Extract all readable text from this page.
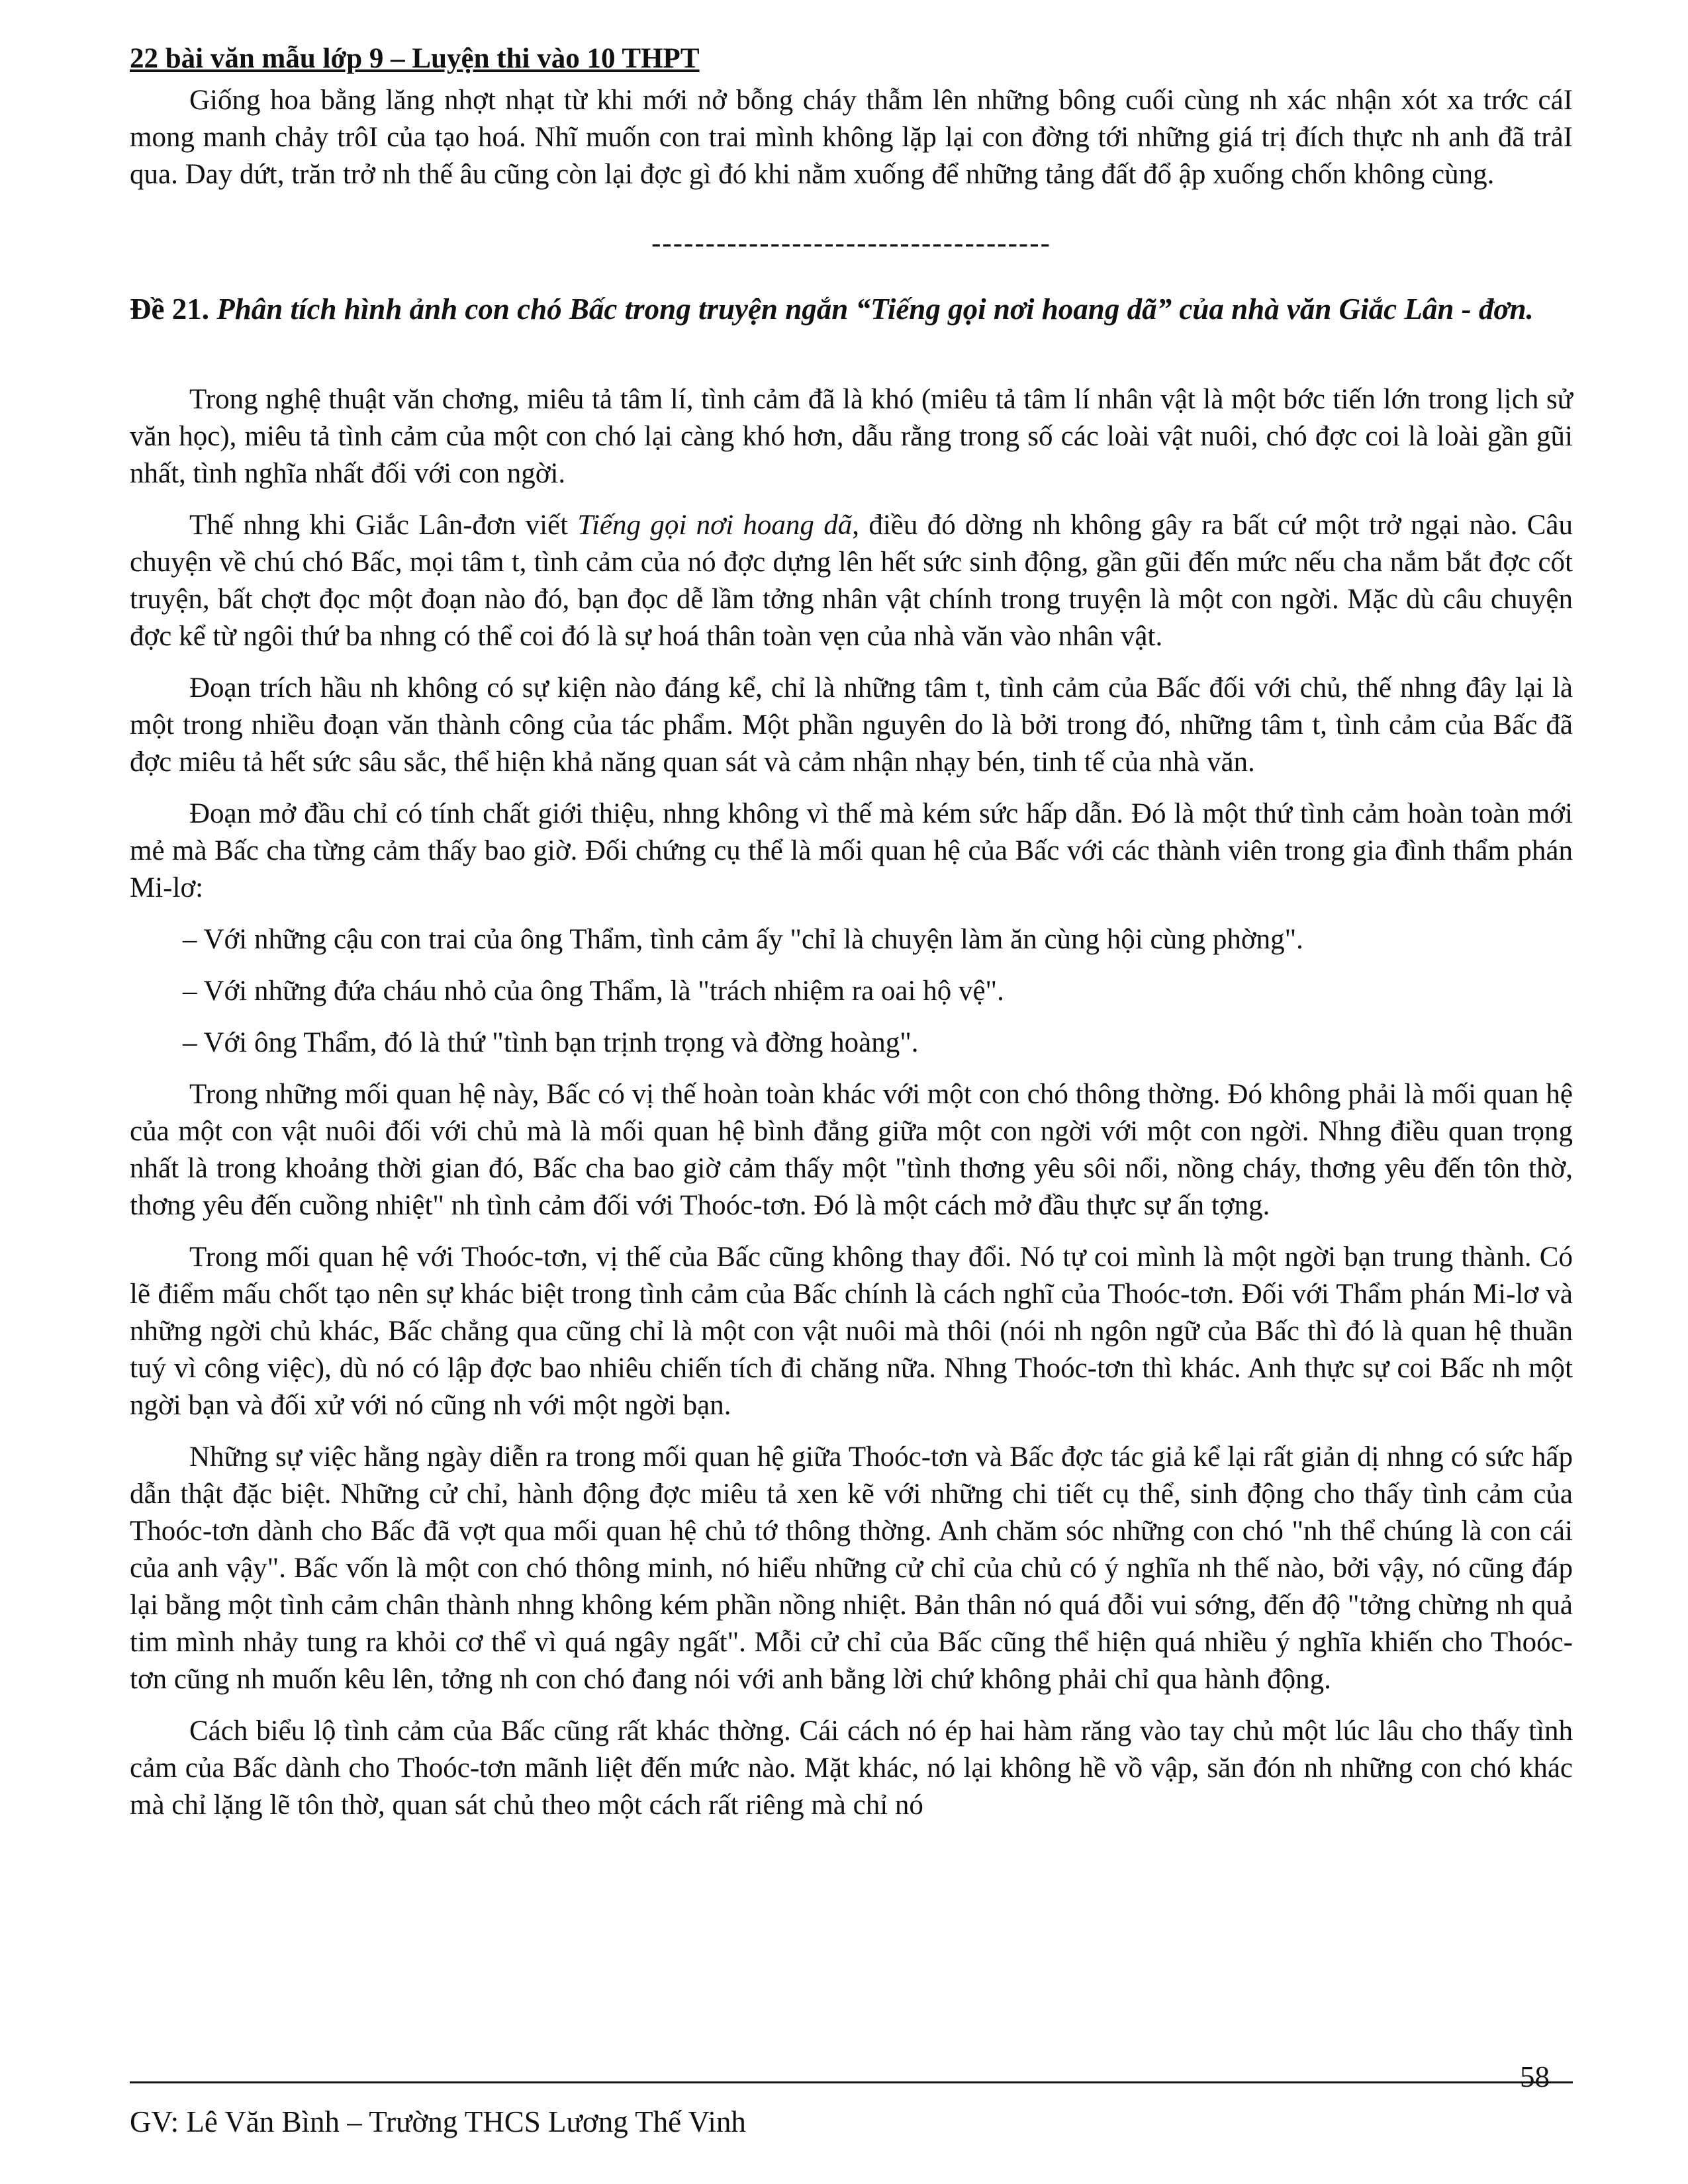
22 bài văn mẫu lớp 9 – Luyện thi vào 10 THPT

Giống hoa bằng lăng nhợt nhạt từ khi mới nở bỗng cháy thẫm lên những bông cuối cùng nh xác nhận xót xa trớc cáI mong manh chảy trôI của tạo hoá. Nhĩ muốn con trai mình không lặp lại con đờng tới những giá trị đích thực nh anh đã trảI qua. Day dứt, trăn trở nh thế âu cũng còn lại đợc gì đó khi nằm xuống để những tảng đất đổ ập xuống chốn không cùng.

-------------------------------------
Đề 21. Phân tích hình ảnh con chó Bấc trong truyện ngắn “Tiếng gọi nơi hoang dã” của nhà văn Giắc Lân - đơn.

Trong nghệ thuật văn chơng, miêu tả tâm lí, tình cảm đã là khó (miêu tả tâm lí nhân vật là một bớc tiến lớn trong lịch sử văn học), miêu tả tình cảm của một con chó lại càng khó hơn, dẫu rằng trong số các loài vật nuôi, chó đợc coi là loài gần gũi nhất, tình nghĩa nhất đối với con ngời.

Thế nhng khi Giắc Lân-đơn viết Tiếng gọi nơi hoang dã, điều đó dờng nh không gây ra bất cứ một trở ngại nào. Câu chuyện về chú chó Bấc, mọi tâm t, tình cảm của nó đợc dựng lên hết sức sinh động, gần gũi đến mức nếu cha nắm bắt đợc cốt truyện, bất chợt đọc một đoạn nào đó, bạn đọc dễ lầm tởng nhân vật chính trong truyện là một con ngời. Mặc dù câu chuyện đợc kể từ ngôi thứ ba nhng có thể coi đó là sự hoá thân toàn vẹn của nhà văn vào nhân vật.

Đoạn trích hầu nh không có sự kiện nào đáng kể, chỉ là những tâm t, tình cảm của Bấc đối với chủ, thế nhng đây lại là một trong nhiều đoạn văn thành công của tác phẩm. Một phần nguyên do là bởi trong đó, những tâm t, tình cảm của Bấc đã đợc miêu tả hết sức sâu sắc, thể hiện khả năng quan sát và cảm nhận nhạy bén, tinh tế của nhà văn.

Đoạn mở đầu chỉ có tính chất giới thiệu, nhng không vì thế mà kém sức hấp dẫn. Đó là một thứ tình cảm hoàn toàn mới mẻ mà Bấc cha từng cảm thấy bao giờ. Đối chứng cụ thể là mối quan hệ của Bấc với các thành viên trong gia đình thẩm phán Mi-lơ:

– Với những cậu con trai của ông Thẩm, tình cảm ấy "chỉ là chuyện làm ăn cùng hội cùng phờng".

– Với những đứa cháu nhỏ của ông Thẩm, là "trách nhiệm ra oai hộ vệ".

– Với ông Thẩm, đó là thứ "tình bạn trịnh trọng và đờng hoàng".

Trong những mối quan hệ này, Bấc có vị thế hoàn toàn khác với một con chó thông thờng. Đó không phải là mối quan hệ của một con vật nuôi đối với chủ mà là mối quan hệ bình đẳng giữa một con ngời với một con ngời. Nhng điều quan trọng nhất là trong khoảng thời gian đó, Bấc cha bao giờ cảm thấy một "tình thơng yêu sôi nổi, nồng cháy, thơng yêu đến tôn thờ, thơng yêu đến cuồng nhiệt" nh tình cảm đối với Thoóc-tơn. Đó là một cách mở đầu thực sự ấn tợng.

Trong mối quan hệ với Thoóc-tơn, vị thế của Bấc cũng không thay đổi. Nó tự coi mình là một ngời bạn trung thành. Có lẽ điểm mấu chốt tạo nên sự khác biệt trong tình cảm của Bấc chính là cách nghĩ của Thoóc-tơn. Đối với Thẩm phán Mi-lơ và những ngời chủ khác, Bấc chẳng qua cũng chỉ là một con vật nuôi mà thôi (nói nh ngôn ngữ của Bấc thì đó là quan hệ thuần tuý vì công việc), dù nó có lập đợc bao nhiêu chiến tích đi chăng nữa. Nhng Thoóc-tơn thì khác. Anh thực sự coi Bấc nh một ngời bạn và đối xử với nó cũng nh với một ngời bạn.

Những sự việc hằng ngày diễn ra trong mối quan hệ giữa Thoóc-tơn và Bấc đợc tác giả kể lại rất giản dị nhng có sức hấp dẫn thật đặc biệt. Những cử chỉ, hành động đợc miêu tả xen kẽ với những chi tiết cụ thể, sinh động cho thấy tình cảm của Thoóc-tơn dành cho Bấc đã vợt qua mối quan hệ chủ tớ thông thờng. Anh chăm sóc những con chó "nh thể chúng là con cái của anh vậy". Bấc vốn là một con chó thông minh, nó hiểu những cử chỉ của chủ có ý nghĩa nh thế nào, bởi vậy, nó cũng đáp lại bằng một tình cảm chân thành nhng không kém phần nồng nhiệt. Bản thân nó quá đỗi vui sớng, đến độ "tởng chừng nh quả tim mình nhảy tung ra khỏi cơ thể vì quá ngây ngất". Mỗi cử chỉ của Bấc cũng thể hiện quá nhiều ý nghĩa khiến cho Thoóc-tơn cũng nh muốn kêu lên, tởng nh con chó đang nói với anh bằng lời chứ không phải chỉ qua hành động.

Cách biểu lộ tình cảm của Bấc cũng rất khác thờng. Cái cách nó ép hai hàm răng vào tay chủ một lúc lâu cho thấy tình cảm của Bấc dành cho Thoóc-tơn mãnh liệt đến mức nào. Mặt khác, nó lại không hề vồ vập, săn đón nh những con chó khác mà chỉ lặng lẽ tôn thờ, quan sát chủ theo một cách rất riêng mà chỉ nó

58
GV: Lê Văn Bình – Trường THCS Lương Thế Vinh
